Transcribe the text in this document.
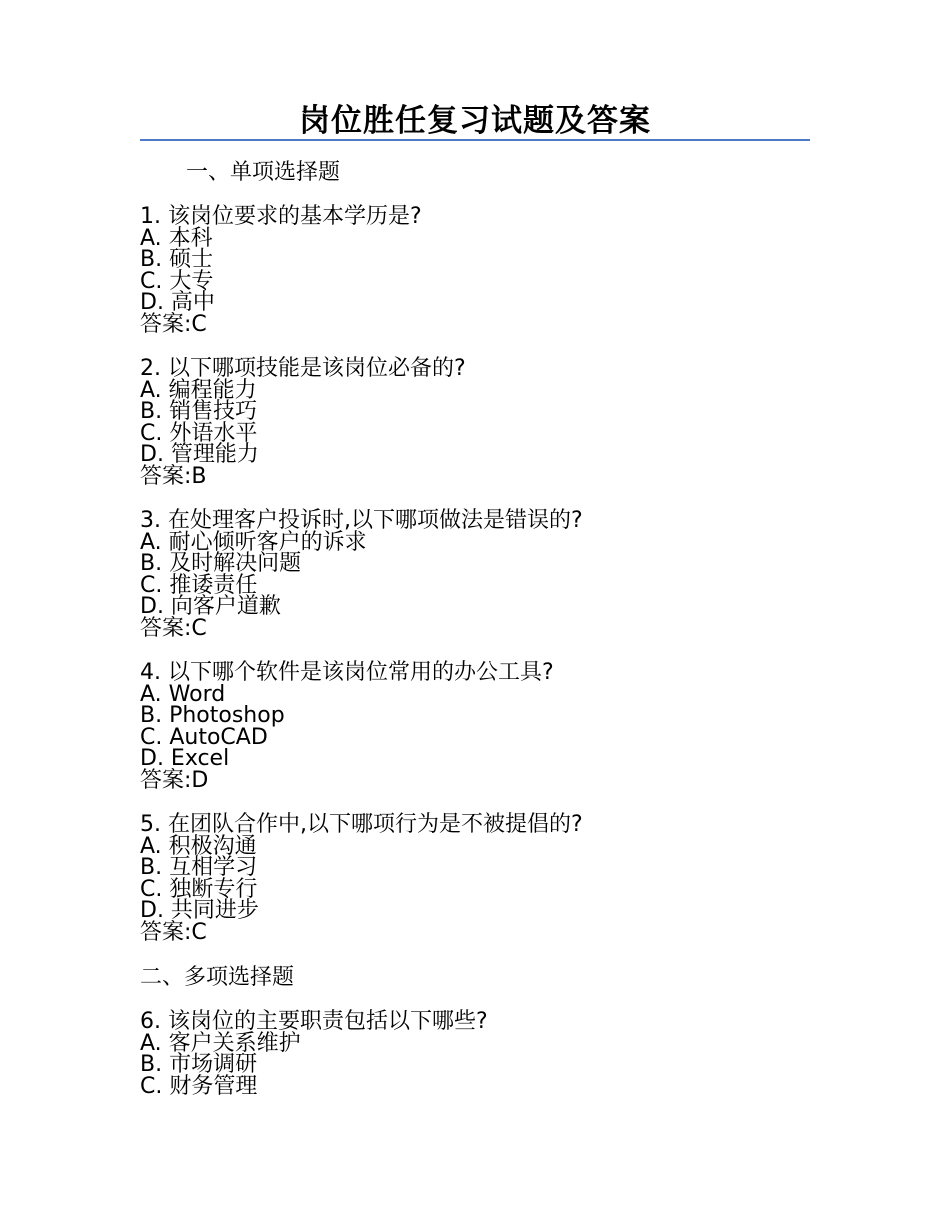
岗位胜任复习试题及答案
一、单项选择题
1. 该岗位要求的基本学历是?
A. 本科
B. 硕士
C. 大专
D. 高中
答案:C
2. 以下哪项技能是该岗位必备的?
A. 编程能力
B. 销售技巧
C. 外语水平
D. 管理能力
答案:B
3. 在处理客户投诉时,以下哪项做法是错误的?
A. 耐心倾听客户的诉求
B. 及时解决问题
C. 推诿责任
D. 向客户道歉
答案:C
4. 以下哪个软件是该岗位常用的办公工具?
A. Word
B. Photoshop
C. AutoCAD
D. Excel
答案:D
5. 在团队合作中,以下哪项行为是不被提倡的?
A. 积极沟通
B. 互相学习
C. 独断专行
D. 共同进步
答案:C
二、多项选择题
6. 该岗位的主要职责包括以下哪些?
A. 客户关系维护
B. 市场调研
C. 财务管理
